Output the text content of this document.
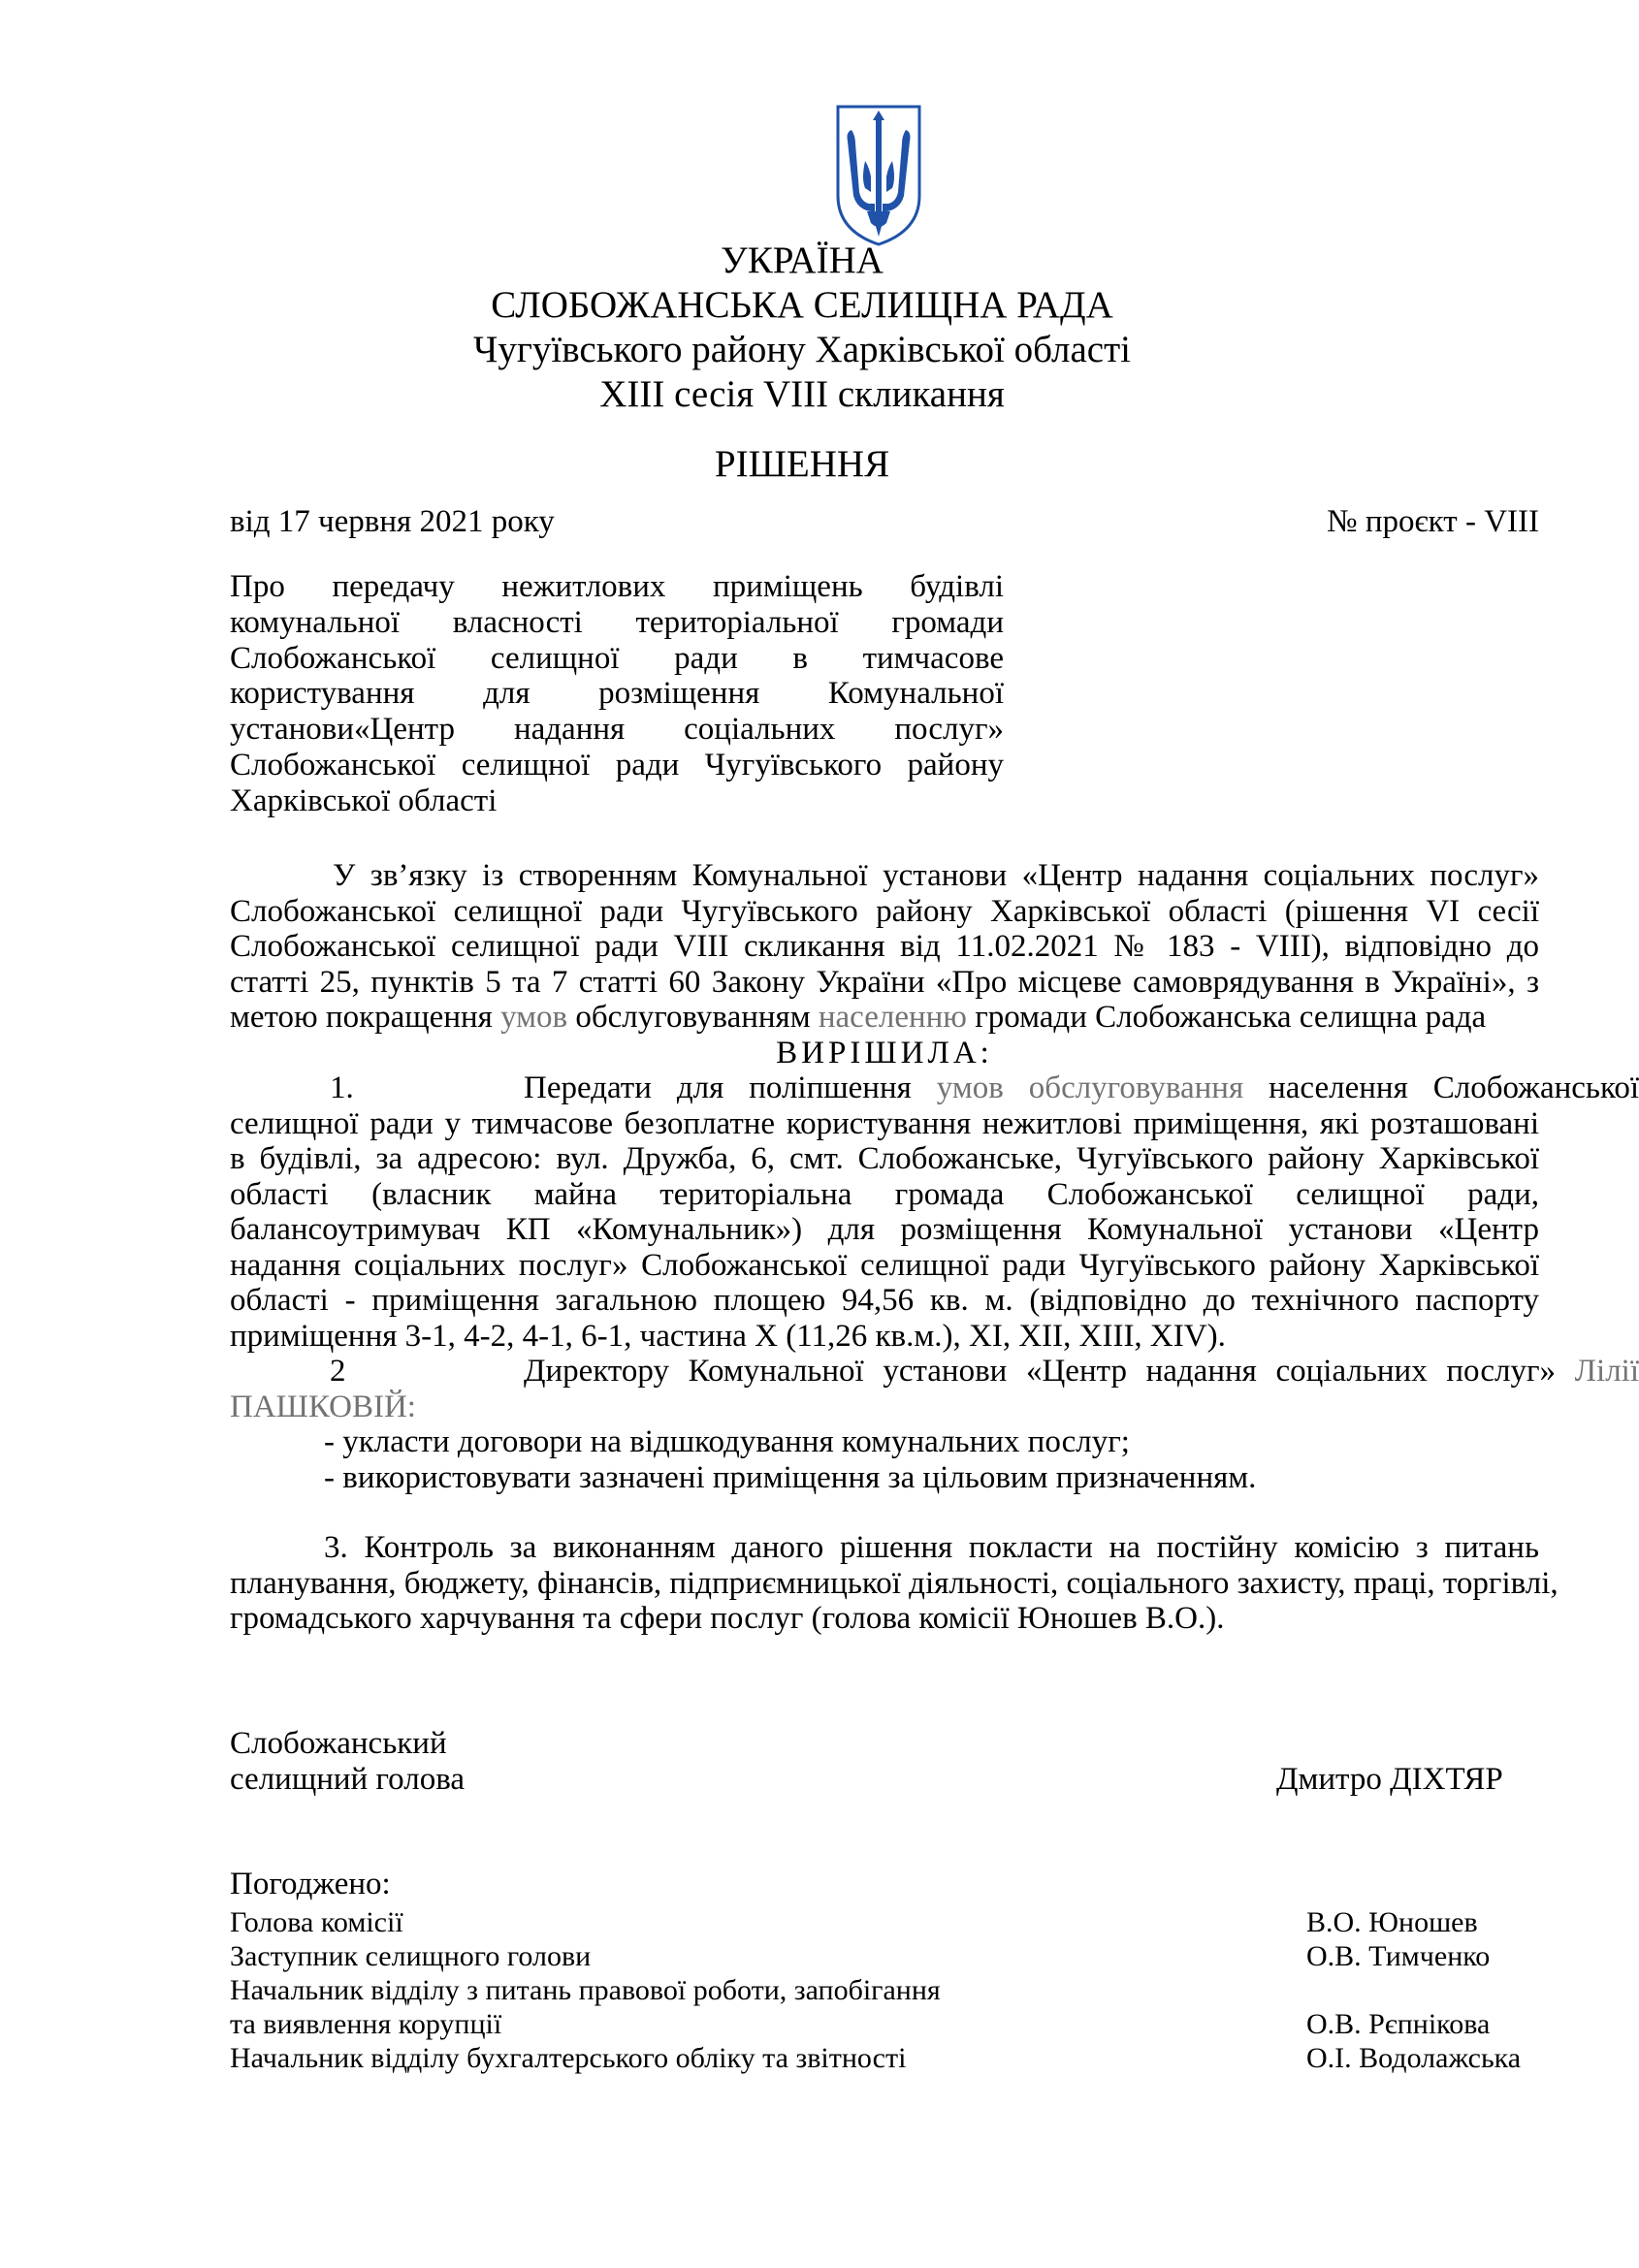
УКРАЇНА
СЛОБОЖАНСЬКА СЕЛИЩНА РАДА
Чугуївського району Харківської області
XIII сесія VIII скликання
РІШЕННЯ
від 17 червня 2021 року	№ проєкт - VIII
Про передачу нежитлових приміщень будівлі
комунальної власності територіальної громади
Слобожанської селищної ради в тимчасове
користування для розміщення Комунальної
установи«Центр надання соціальних послуг»
Слобожанської селищної ради Чугуївського району
Харківської області
У зв’язку із створенням Комунальної установи «Центр надання соціальних послуг»
Слобожанської селищної ради Чугуївського району Харківської області (рішення VI сесії
Слобожанської селищної ради VIII скликання від 11.02.2021 № 183 - VIII), відповідно до
статті 25, пунктів 5 та 7 статті 60 Закону України «Про місцеве самоврядування в Україні», з
метою покращення умов обслуговуванням населенню громади Слобожанська селищна рада
ВИРІШИЛА:
1.	Передати для поліпшення умов обслуговування населення Слобожанської
селищної ради у тимчасове безоплатне користування нежитлові приміщення, які розташовані
в будівлі, за адресою: вул. Дружба, 6, смт. Слобожанське, Чугуївського району Харківської
області (власник майна територіальна громада Слобожанської селищної ради,
балансоутримувач КП «Комунальник») для розміщення Комунальної установи «Центр
надання соціальних послуг» Слобожанської селищної ради Чугуївського району Харківської
області - приміщення загальною площею 94,56 кв. м. (відповідно до технічного паспорту
приміщення 3-1, 4-2, 4-1, 6-1, частина Х (11,26 кв.м.), ХІ, ХІІ, ХІІІ, ХІV).
2	Директору Комунальної установи «Центр надання соціальних послуг» Лілії
ПАШКОВІЙ:
- укласти договори на відшкодування комунальних послуг;
- використовувати зазначені приміщення за цільовим призначенням.
3. Контроль за виконанням даного рішення покласти на постійну комісію з питань
планування, бюджету, фінансів, підприємницької діяльності, соціального захисту, праці, торгівлі,
громадського харчування та сфери послуг (голова комісії Юношев В.О.).
Слобожанський
селищний голова	Дмитро ДІХТЯР
Погоджено:
Голова комісії	В.О. Юношев
Заступник селищного голови	О.В. Тимченко
Начальник відділу з питань правової роботи, запобігання
та виявлення корупції	О.В. Рєпнікова
Начальник відділу бухгалтерського обліку та звітності	О.І. Водолажська
